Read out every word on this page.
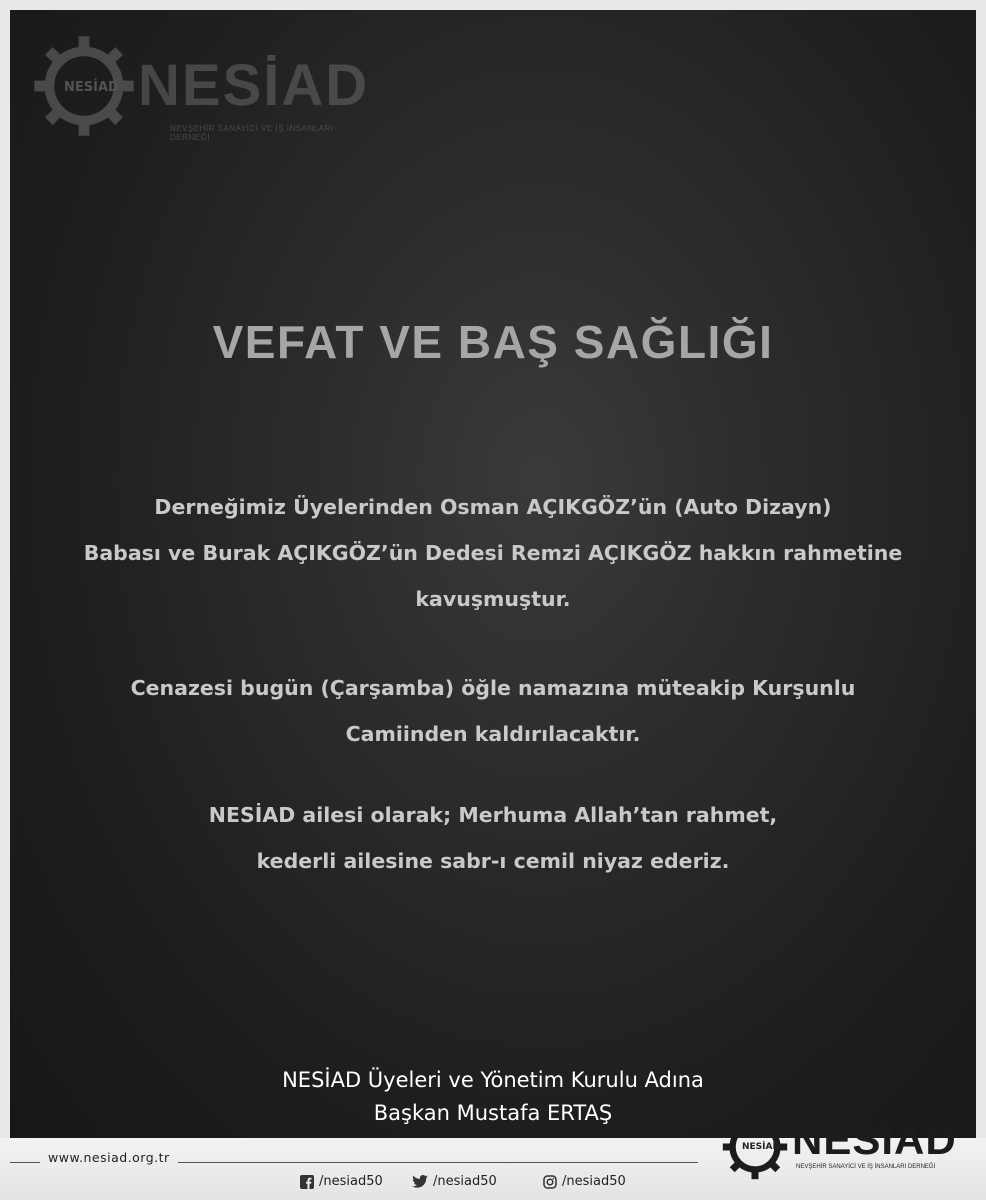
NESİAD NESİAD
NEVŞEHİR SANAYİCİ VE İŞ İNSANLARI DERNEĞİ
VEFAT VE BAŞ SAĞLIĞI
Derneğimiz Üyelerinden Osman AÇIKGÖZ’ün (Auto Dizayn)
Babası ve Burak AÇIKGÖZ’ün Dedesi Remzi AÇIKGÖZ hakkın rahmetine
kavuşmuştur.
Cenazesi bugün (Çarşamba) öğle namazına müteakip Kurşunlu
Camiinden kaldırılacaktır.
NESİAD ailesi olarak; Merhuma Allah’tan rahmet,
kederli ailesine sabr-ı cemil niyaz ederiz.
NESİAD Üyeleri ve Yönetim Kurulu Adına
Başkan Mustafa ERTAŞ
www.nesiad.org.tr
/nesiad50	/nesiad50	/nesiad50
NESİAD NESİAD
NEVŞEHİR SANAYİCİ VE İŞ İNSANLARI DERNEĞİ
